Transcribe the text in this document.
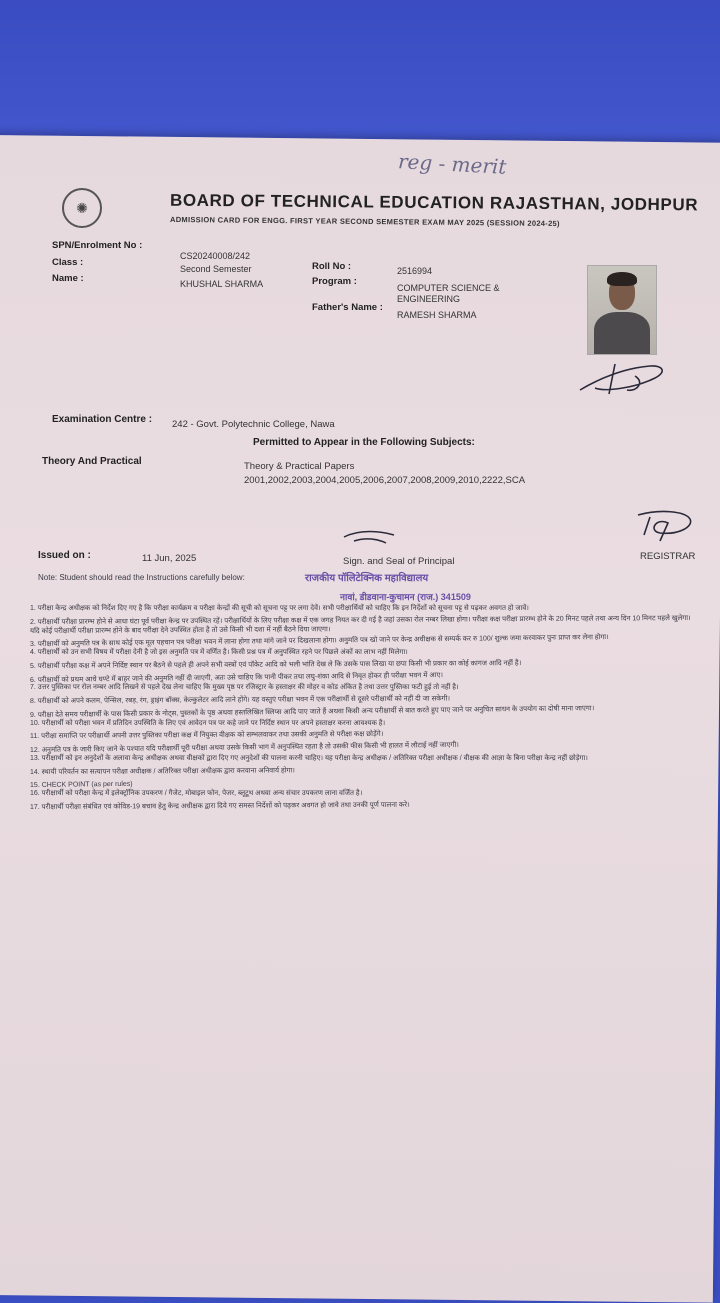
reg - merit
✺	BOARD OF TECHNICAL EDUCATION RAJASTHAN, JODHPUR
ADMISSION CARD FOR ENGG. FIRST YEAR SECOND SEMESTER EXAM MAY 2025 (SESSION 2024-25)
SPN/Enrolment No :
CS20240008/242
Class :
Second Semester
Name :	KHUSHAL SHARMA
Roll No :	2516994
Program :
COMPUTER SCIENCE &
ENGINEERING
Father's Name :
RAMESH SHARMA
Examination Centre : 242 - Govt. Polytechnic College, Nawa
Permitted to Appear in the Following Subjects:
Theory And Practical	Theory & Practical Papers
2001,2002,2003,2004,2005,2006,2007,2008,2009,2010,2222,SCA
Issued on :	11 Jun, 2025	Sign. and Seal of Principal	REGISTRAR
Note: Student should read the Instructions carefully below:	राजकीय पॉलिटेक्निक महाविद्यालय
नावां, डीडवाना-कुचामन (राज.) 341509
1. परीक्षा केन्द्र अधीक्षक को निर्देश दिए गए है कि परीक्षा कार्यक्रम व परीक्षा केन्द्रों की सूची को सूचना पट्ट पर लगा देवें। सभी परीक्षार्थियों को चाहिए कि इन निर्देशों को सूचना पट्ट से पढ़कर अवगत हो जावें।
2. परीक्षार्थी परीक्षा प्रारम्भ होने से आधा घंटा पूर्व परीक्षा केन्द्र पर उपस्थित रहें। परीक्षार्थियों के लिए परीक्षा कक्ष में एक जगह नियत कर दी गई है जहां उसका रोल नम्बर लिखा होगा। परीक्षा कक्ष परीक्षा प्रारम्भ होने के 20 मिनट पहले तथा अन्य दिन 10 मिनट पहले खुलेगा। यदि कोई परीक्षार्थी परीक्षा प्रारम्भ होने के बाद परीक्षा देने उपस्थित होता है तो उसे किसी भी दशा में नहीं बैठने दिया जाएगा।
3. परीक्षार्थी को अनुमति पत्र के साथ कोई एक मूल पहचान पत्र परीक्षा भवन में लाना होगा तथा मांगे जाने पर दिखलाना होगा। अनुमति पत्र खो जाने पर केन्द्र अधीक्षक से सम्पर्क कर रु 100/ शुल्क जमा करवाकर पुनः प्राप्त कर लेना होगा।
4. परीक्षार्थी को उन सभी विषय में परीक्षा देनी है जो इस अनुमति पत्र में वर्णित है। किसी प्रश्न पत्र में अनुपस्थित रहने पर पिछले अंकों का लाभ नहीं मिलेगा।
5. परीक्षार्थी परीक्षा कक्ष में अपने निर्दिष्ट स्थान पर बैठने से पहले ही अपने सभी वस्त्रों एवं पॉकेट आदि को भली भांति देख ले कि उसके पास लिखा या छपा किसी भी प्रकार का कोई कागज आदि नहीं है।
6. परीक्षार्थी को प्रथम आधे घण्टे में बाहर जाने की अनुमति नहीं दी जाएगी, अतः उसे चाहिए कि पानी पीकर तथा लघु-शंका आदि से निवृत होकर ही परीक्षा भवन में आए।
7. उत्तर पुस्तिका पर रोल नम्बर आदि लिखने से पहले देख लेना चाहिए कि मुख्य पृष्ठ पर रजिस्ट्रार के हस्ताक्षर की मोहर व कोड अंकित है तथा उत्तर पुस्तिका फटी हुई तो नहीं है।
8. परीक्षार्थी को अपने कलम, पेन्सिल, रबड़, रंग, ड्राइंग बॉक्स, केल्कुलेटर आदि लाने होंगे। यह वस्तुएं परीक्षा भवन में एक परीक्षार्थी से दूसरे परीक्षार्थी को नहीं दी जा सकेगी।
9. परीक्षा देते समय परीक्षार्थी के पास किसी प्रकार के नोट्स, पुस्तकों के पृष्ठ अथवा हस्तलिखित स्लिप्स आदि पाए जाते हैं अथवा किसी अन्य परीक्षार्थी से बात करते हुए पाए जाने पर अनुचित साधन के उपयोग का दोषी माना जाएगा।
10. परीक्षार्थी को परीक्षा भवन में प्रतिदिन उपस्थिति के लिए एवं आवेदन पत्र पर कहे जाने पर निर्दिष्ट स्थान पर अपने हस्ताक्षर करना आवश्यक है।
11. परीक्षा समाप्ति पर परीक्षार्थी अपनी उत्तर पुस्तिका परीक्षा कक्ष में नियुक्त वीक्षक को सम्भलवाकर तथा उसकी अनुमति से परीक्षा कक्ष छोड़ेंगे।
12. अनुमति पत्र के जारी किए जाने के पश्चात यदि परीक्षार्थी पूरी परीक्षा अथवा उसके किसी भाग में अनुपस्थित रहता है तो उसकी फीस किसी भी हालत में लौटाई नहीं जाएगी।
13. परीक्षार्थी को इन अनुदेशों के अलावा केन्द्र अधीक्षक अथवा वीक्षकों द्वारा दिए गए अनुदेशों की पालना करनी चाहिए। यह परीक्षा केन्द्र अधीक्षक / अतिरिक्त परीक्षा अधीक्षक / वीक्षक की आज्ञा के बिना परीक्षा केन्द्र नहीं छोड़ेगा।
14. स्थायी परिवर्तन का सत्यापन परीक्षा अधीक्षक / अतिरिक्त परीक्षा अधीक्षक द्वारा करवाना अनिवार्य होगा।
15. CHECK POINT (as per rules)
16. परीक्षार्थी को परीक्षा केन्द्र में इलेक्ट्रॉनिक उपकरण / गैजेट, मोबाइल फोन, पेजर, ब्लूटूथ अथवा अन्य संचार उपकरण लाना वर्जित है।
17. परीक्षार्थी परीक्षा संबंधित एवं कोविड-19 बचाव हेतु केन्द्र अधीक्षक द्वारा दिये गए समस्त निर्देशों को पढ़कर अवगत हो जावे तथा उनकी पूर्ण पालना करे।
